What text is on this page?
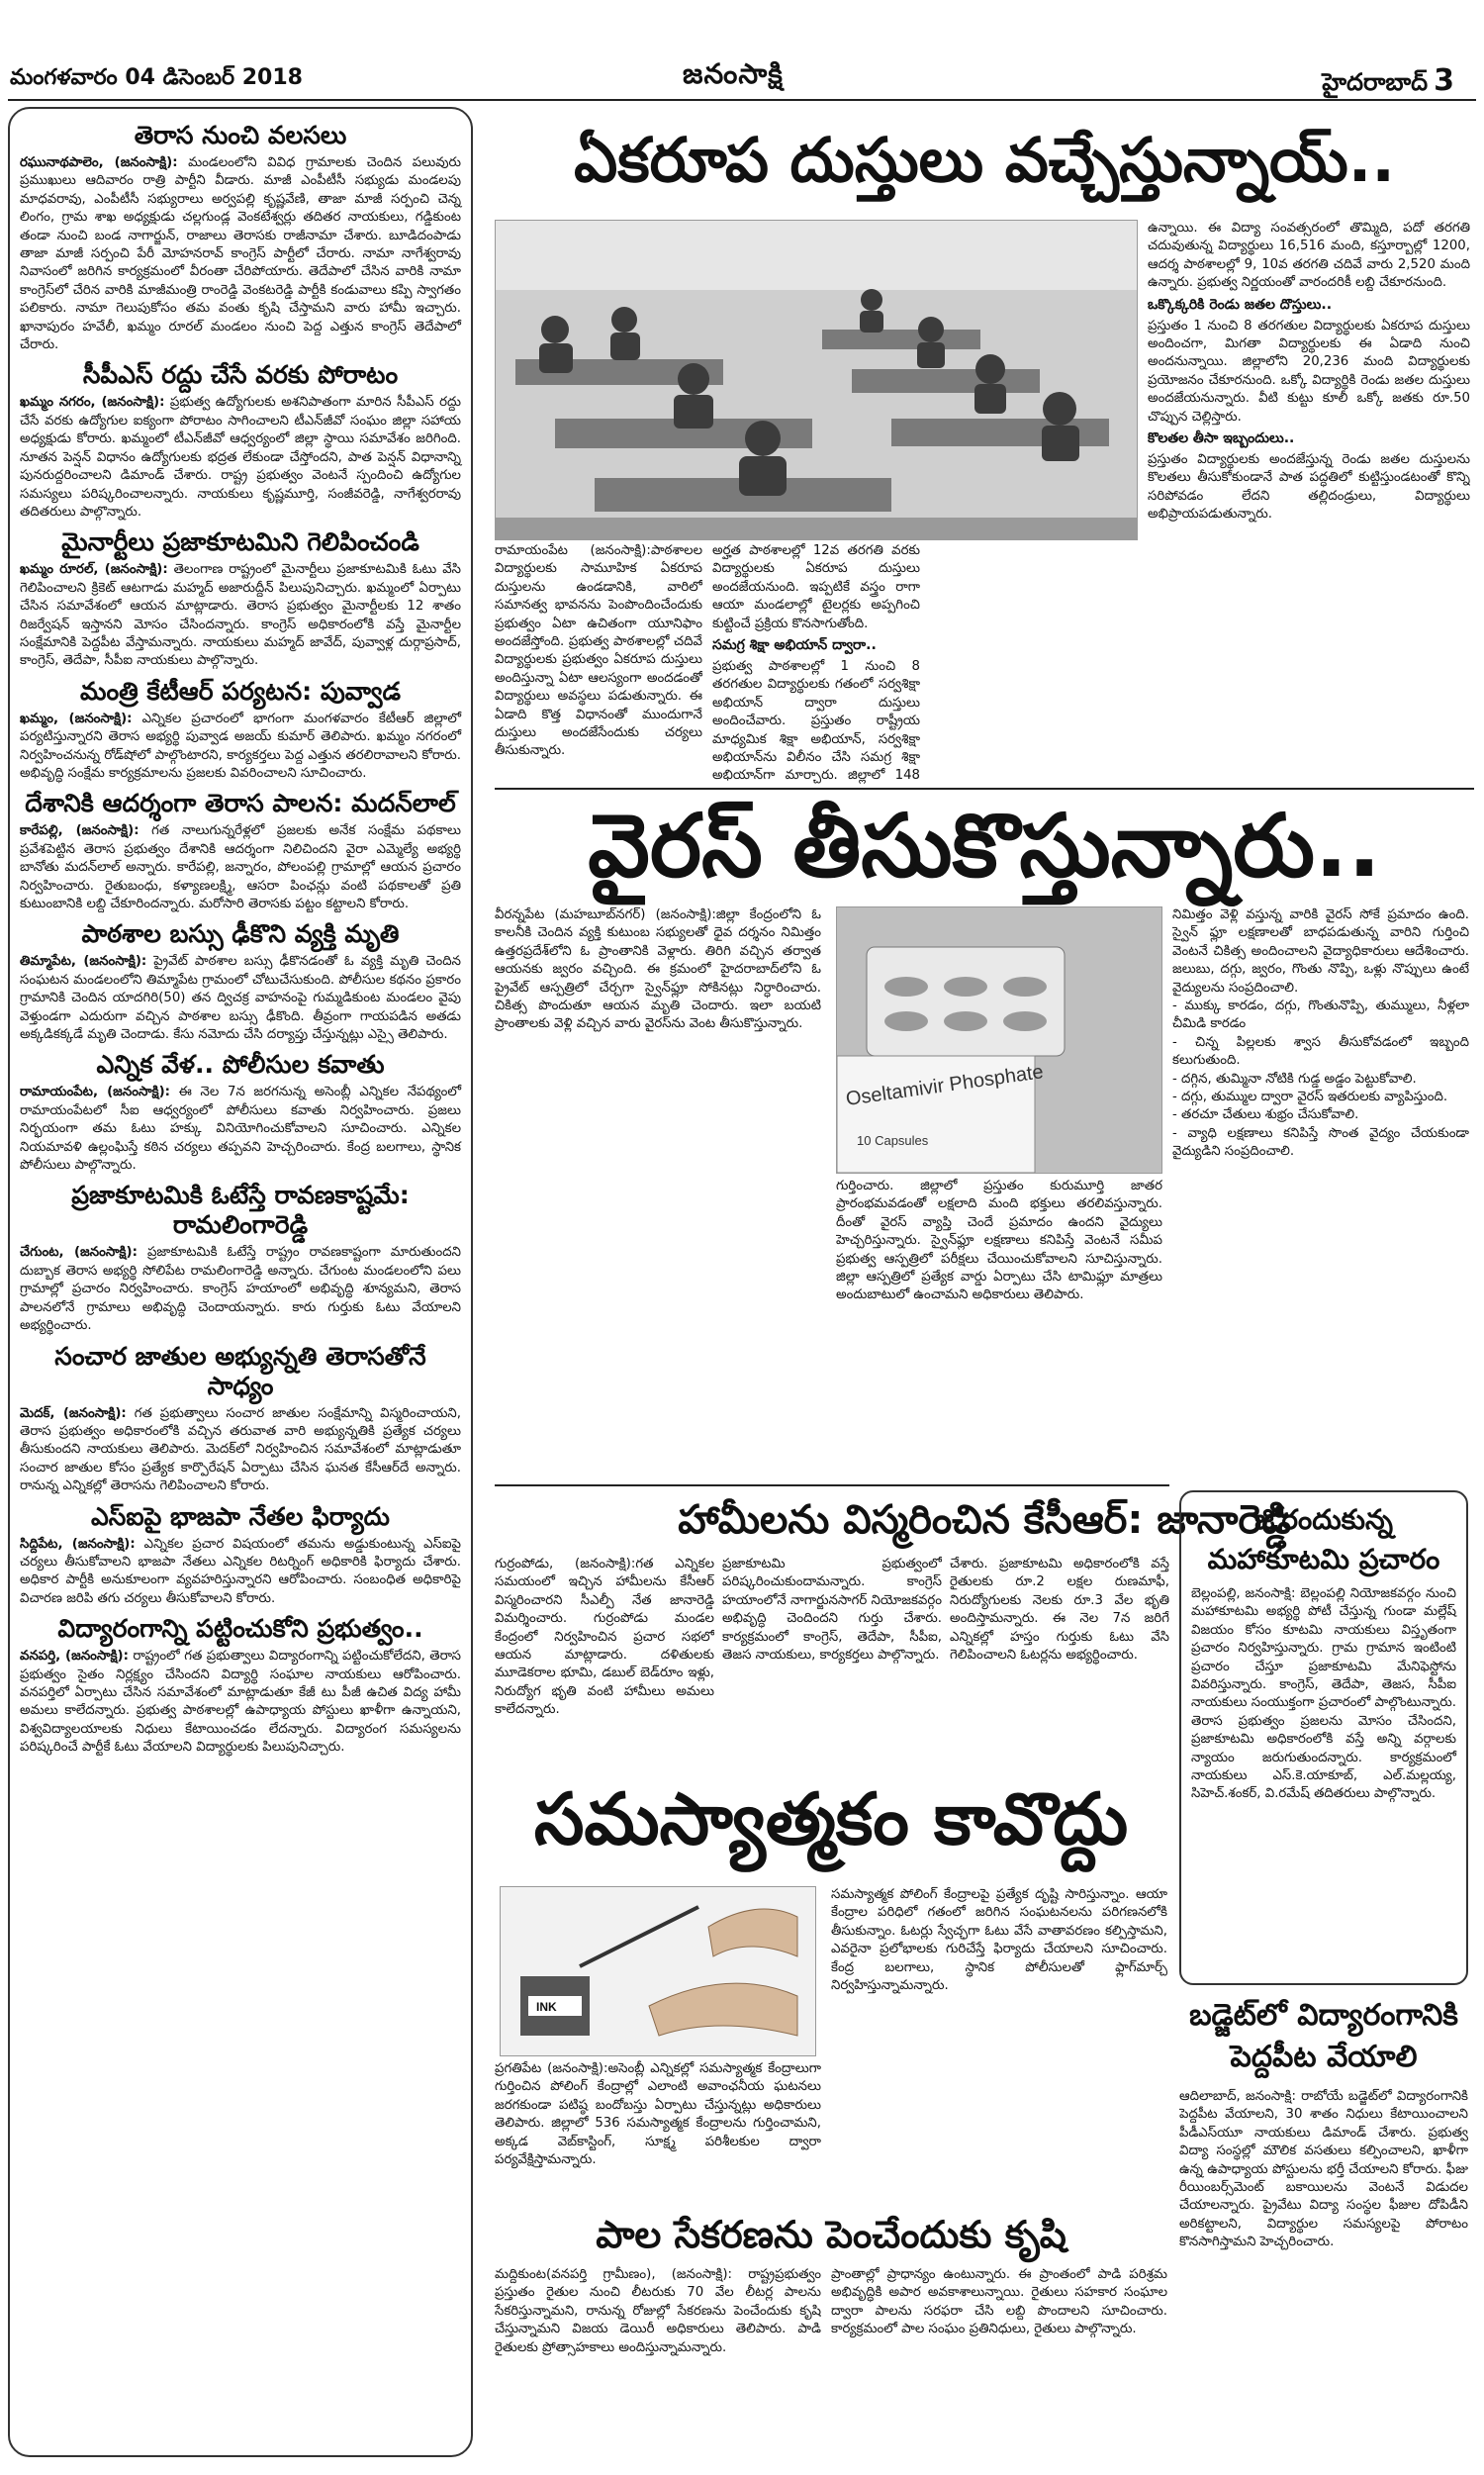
మంగళవారం 04 డిసెంబర్ 2018	జనంసాక్షి	హైదరాబాద్ 3
తెరాస నుంచి వలసలు

రఘునాథపాలెం, (జనంసాక్షి): మండలంలోని వివిధ గ్రామాలకు చెందిన పలువురు ప్రముఖులు ఆదివారం రాత్రి పార్టీని వీడారు. మాజీ ఎంపీటీసీ సభ్యుడు మండలపు మాధవరావు, ఎంపీటీసీ సభ్యురాలు అర్వపల్లి కృష్ణవేణి, తాజా మాజీ సర్పంచి చెన్న లింగం, గ్రామ శాఖ అధ్యక్షుడు చల్లగుండ్ల వెంకటేశ్వర్లు తదితర నాయకులు, గడ్డికుంట తండా నుంచి బండ నాగార్జున్, రాజాలు తెరాసకు రాజీనామా చేశారు. బూడిదంపాడు తాజా మాజీ సర్పంచి పేరీ మోహనరావ్ కాంగ్రెస్ పార్టీలో చేరారు. నామా నాగేశ్వరావు నివాసంలో జరిగిన కార్యక్రమంలో వీరంతా చేరిపోయారు. తెదేపాలో చేసిన వారికి నామా కాంగ్రెస్‌లో చేరిన వారికి మాజీమంత్రి రాంరెడ్డి వెంకటరెడ్డి పార్టీకి కండువాలు కప్పి స్వాగతం పలికారు. నామా గెలుపుకోసం తమ వంతు కృషి చేస్తామని వారు హామీ ఇచ్చారు. ఖానాపురం హవేలీ, ఖమ్మం రూరల్ మండలం నుంచి పెద్ద ఎత్తున కాంగ్రెస్ తెదేపాలో చేరారు.

సీపీఎస్ రద్దు చేసే వరకు పోరాటం

ఖమ్మం నగరం, (జనంసాక్షి): ప్రభుత్వ ఉద్యోగులకు అశనిపాతంగా మారిన సీపీఎస్ రద్దు చేసే వరకు ఉద్యోగుల ఐక్యంగా పోరాటం సాగించాలని టీఎన్‌జీవో సంఘం జిల్లా సహాయ అధ్యక్షుడు కోరారు. ఖమ్మంలో టీఎన్‌జీవో ఆధ్వర్యంలో జిల్లా స్థాయి సమావేశం జరిగింది. నూతన పెన్షన్ విధానం ఉద్యోగులకు భద్రత లేకుండా చేస్తోందని, పాత పెన్షన్ విధానాన్ని పునరుద్దరించాలని డిమాండ్ చేశారు. రాష్ట్ర ప్రభుత్వం వెంటనే స్పందించి ఉద్యోగుల సమస్యలు పరిష్కరించాలన్నారు. నాయకులు కృష్ణమూర్తి, సంజీవరెడ్డి, నాగేశ్వరరావు తదితరులు పాల్గొన్నారు.

మైనార్టీలు ప్రజాకూటమిని గెలిపించండి

ఖమ్మం రూరల్, (జనంసాక్షి): తెలంగాణ రాష్ట్రంలో మైనార్టీలు ప్రజాకూటమికి ఓటు వేసి గెలిపించాలని క్రికెట్ ఆటగాడు మహ్మద్ అజారుద్దీన్ పిలుపునిచ్చారు. ఖమ్మంలో ఏర్పాటు చేసిన సమావేశంలో ఆయన మాట్లాడారు. తెరాస ప్రభుత్వం మైనార్టీలకు 12 శాతం రిజర్వేషన్ ఇస్తానని మోసం చేసిందన్నారు. కాంగ్రెస్ అధికారంలోకి వస్తే మైనార్టీల సంక్షేమానికి పెద్దపీట వేస్తామన్నారు. నాయకులు మహ్మద్ జావేద్, పువ్వాళ్ల దుర్గాప్రసాద్, కాంగ్రెస్, తెదేపా, సీపీఐ నాయకులు పాల్గొన్నారు.

మంత్రి కేటీఆర్ పర్యటన: పువ్వాడ

ఖమ్మం, (జనంసాక్షి): ఎన్నికల ప్రచారంలో భాగంగా మంగళవారం కేటీఆర్ జిల్లాలో పర్యటిస్తున్నారని తెరాస అభ్యర్థి పువ్వాడ అజయ్ కుమార్ తెలిపారు. ఖమ్మం నగరంలో నిర్వహించనున్న రోడ్‌షోలో పాల్గొంటారని, కార్యకర్తలు పెద్ద ఎత్తున తరలిరావాలని కోరారు. అభివృద్ధి సంక్షేమ కార్యక్రమాలను ప్రజలకు వివరించాలని సూచించారు.

దేశానికి ఆదర్శంగా తెరాస పాలన: మదన్‌లాల్

కారేపల్లి, (జనంసాక్షి): గత నాలుగున్నరేళ్లలో ప్రజలకు అనేక సంక్షేమ పథకాలు ప్రవేశపెట్టిన తెరాస ప్రభుత్వం దేశానికి ఆదర్శంగా నిలిచిందని వైరా ఎమ్మెల్యే అభ్యర్థి బానోతు మదన్‌లాల్ అన్నారు. కారేపల్లి, జన్నారం, పోలంపల్లి గ్రామాల్లో ఆయన ప్రచారం నిర్వహించారు. రైతుబంధు, కళ్యాణలక్ష్మి, ఆసరా పింఛన్లు వంటి పథకాలతో ప్రతి కుటుంబానికి లబ్ది చేకూరిందన్నారు. మరోసారి తెరాసకు పట్టం కట్టాలని కోరారు.

పాఠశాల బస్సు ఢీకొని వ్యక్తి మృతి

తిమ్మాపేట, (జనంసాక్షి): ప్రైవేట్ పాఠశాల బస్సు ఢీకొనడంతో ఓ వ్యక్తి మృతి చెందిన సంఘటన మండలంలోని తిమ్మాపేట గ్రామంలో చోటుచేసుకుంది. పోలీసుల కథనం ప్రకారం గ్రామానికి చెందిన యాదగిరి(50) తన ద్విచక్ర వాహనంపై గుమ్మడికుంట మండలం వైపు వెళ్తుండగా ఎదురుగా వచ్చిన పాఠశాల బస్సు ఢీకొంది. తీవ్రంగా గాయపడిన అతడు అక్కడికక్కడే మృతి చెందాడు. కేసు నమోదు చేసి దర్యాప్తు చేస్తున్నట్లు ఎస్సై తెలిపారు.

ఎన్నిక వేళ.. పోలీసుల కవాతు

రామాయంపేట, (జనంసాక్షి): ఈ నెల 7న జరగనున్న అసెంబ్లీ ఎన్నికల నేపథ్యంలో రామాయంపేటలో సీఐ ఆధ్వర్యంలో పోలీసులు కవాతు నిర్వహించారు. ప్రజలు నిర్భయంగా తమ ఓటు హక్కు వినియోగించుకోవాలని సూచించారు. ఎన్నికల నియమావళి ఉల్లంఘిస్తే కఠిన చర్యలు తప్పవని హెచ్చరించారు. కేంద్ర బలగాలు, స్థానిక పోలీసులు పాల్గొన్నారు.

ప్రజాకూటమికి ఓటేస్తే రావణకాష్టమే: రామలింగారెడ్డి

చేగుంట, (జనంసాక్షి): ప్రజాకూటమికి ఓటేస్తే రాష్ట్రం రావణకాష్టంగా మారుతుందని దుబ్బాక తెరాస అభ్యర్థి సోలిపేట రామలింగారెడ్డి అన్నారు. చేగుంట మండలంలోని పలు గ్రామాల్లో ప్రచారం నిర్వహించారు. కాంగ్రెస్ హయాంలో అభివృద్ధి శూన్యమని, తెరాస పాలనలోనే గ్రామాలు అభివృద్ధి చెందాయన్నారు. కారు గుర్తుకు ఓటు వేయాలని అభ్యర్థించారు.

సంచార జాతుల అభ్యున్నతి తెరాసతోనే సాధ్యం

మెదక్, (జనంసాక్షి): గత ప్రభుత్వాలు సంచార జాతుల సంక్షేమాన్ని విస్మరించాయని, తెరాస ప్రభుత్వం అధికారంలోకి వచ్చిన తరువాత వారి అభ్యున్నతికి ప్రత్యేక చర్యలు తీసుకుందని నాయకులు తెలిపారు. మెదక్‌లో నిర్వహించిన సమావేశంలో మాట్లాడుతూ సంచార జాతుల కోసం ప్రత్యేక కార్పొరేషన్ ఏర్పాటు చేసిన ఘనత కేసీఆర్‌దే అన్నారు. రానున్న ఎన్నికల్లో తెరాసను గెలిపించాలని కోరారు.

ఎస్ఐపై భాజపా నేతల ఫిర్యాదు

సిద్దిపేట, (జనంసాక్షి): ఎన్నికల ప్రచార విషయంలో తమను అడ్డుకుంటున్న ఎస్ఐపై చర్యలు తీసుకోవాలని భాజపా నేతలు ఎన్నికల రిటర్నింగ్ అధికారికి ఫిర్యాదు చేశారు. అధికార పార్టీకి అనుకూలంగా వ్యవహరిస్తున్నారని ఆరోపించారు. సంబంధిత అధికారిపై విచారణ జరిపి తగు చర్యలు తీసుకోవాలని కోరారు.

విద్యారంగాన్ని పట్టించుకోని ప్రభుత్వం..

వనపర్తి, (జనంసాక్షి): రాష్ట్రంలో గత ప్రభుత్వాలు విద్యారంగాన్ని పట్టించుకోలేదని, తెరాస ప్రభుత్వం సైతం నిర్లక్ష్యం చేసిందని విద్యార్థి సంఘాల నాయకులు ఆరోపించారు. వనపర్తిలో ఏర్పాటు చేసిన సమావేశంలో మాట్లాడుతూ కేజీ టు పీజీ ఉచిత విద్య హామీ అమలు కాలేదన్నారు. ప్రభుత్వ పాఠశాలల్లో ఉపాధ్యాయ పోస్టులు ఖాళీగా ఉన్నాయని, విశ్వవిద్యాలయాలకు నిధులు కేటాయించడం లేదన్నారు. విద్యారంగ సమస్యలను పరిష్కరించే పార్టీకే ఓటు వేయాలని విద్యార్థులకు పిలుపునిచ్చారు.

ఏకరూప దుస్తులు వచ్చేస్తున్నాయ్..

రామాయంపేట (జనంసాక్షి):పాఠశాలల విద్యార్థులకు సామూహిక ఏకరూప దుస్తులను ఉండడానికి, వారిలో సమానత్వ భావనను పెంపొందించేందుకు ప్రభుత్వం ఏటా ఉచితంగా యూనిఫాం అందజేస్తోంది. ప్రభుత్వ పాఠశాలల్లో చదివే విద్యార్థులకు ప్రభుత్వం ఏకరూప దుస్తులు అందిస్తున్నా ఏటా ఆలస్యంగా అందడంతో విద్యార్థులు అవస్థలు పడుతున్నారు. ఈ ఏడాది కొత్త విధానంతో ముందుగానే దుస్తులు అందజేసేందుకు చర్యలు తీసుకున్నారు.

అర్హత పాఠశాలల్లో 12వ తరగతి వరకు విద్యార్థులకు ఏకరూప దుస్తులు అందజేయనుంది. ఇప్పటికే వస్త్రం రాగా ఆయా మండలాల్లో టైలర్లకు అప్పగించి కుట్టించే ప్రక్రియ కొనసాగుతోంది.

సమగ్ర శిక్షా అభియాన్ ద్వారా..

ప్రభుత్వ పాఠశాలల్లో 1 నుంచి 8 తరగతుల విద్యార్థులకు గతంలో సర్వశిక్షా అభియాన్ ద్వారా దుస్తులు అందించేవారు. ప్రస్తుతం రాష్ట్రీయ మాధ్యమిక శిక్షా అభియాన్, సర్వశిక్షా అభియాన్‌ను విలీనం చేసి సమగ్ర శిక్షా అభియాన్‌గా మార్చారు. జిల్లాలో 148

ఉన్నాయి. ఈ విద్యా సంవత్సరంలో తొమ్మిది, పదో తరగతి చదువుతున్న విద్యార్థులు 16,516 మంది, కస్తూర్బాల్లో 1200, ఆదర్శ పాఠశాలల్లో 9, 10వ తరగతి చదివే వారు 2,520 మంది ఉన్నారు. ప్రభుత్వ నిర్ణయంతో వారందరికీ లబ్ది చేకూరనుంది.

ఒక్కొక్కరికి రెండు జతల దొస్తులు..

ప్రస్తుతం 1 నుంచి 8 తరగతుల విద్యార్థులకు ఏకరూప దుస్తులు అందించగా, మిగతా విద్యార్థులకు ఈ ఏడాది నుంచి అందనున్నాయి. జిల్లాలోని 20,236 మంది విద్యార్థులకు ప్రయోజనం చేకూరనుంది. ఒక్కో విద్యార్థికి రెండు జతల దుస్తులు అందజేయనున్నారు. వీటి కుట్టు కూలీ ఒక్కో జతకు రూ.50 చొప్పున చెల్లిస్తారు.

కొలతల తీసా ఇబ్బందులు..

ప్రస్తుతం విద్యార్థులకు అందజేస్తున్న రెండు జతల దుస్తులను కొలతలు తీసుకోకుండానే పాత పద్ధతిలో కుట్టిస్తుండటంతో కొన్ని సరిపోవడం లేదని తల్లిదండ్రులు, విద్యార్థులు అభిప్రాయపడుతున్నారు.

వైరస్ తీసుకొస్తున్నారు..

వీరన్నపేట (మహబూబ్‌నగర్) (జనంసాక్షి):జిల్లా కేంద్రంలోని ఓ కాలనీకి చెందిన వ్యక్తి కుటుంబ సభ్యులతో ధైవ దర్శనం నిమిత్తం ఉత్తరప్రదేశ్‌లోని ఓ ప్రాంతానికి వెళ్లారు. తిరిగి వచ్చిన తర్వాత ఆయనకు జ్వరం వచ్చింది. ఈ క్రమంలో హైదరాబాద్‌లోని ఓ ప్రైవేట్ ఆస్పత్రిలో చేర్చగా స్వైన్‌ఫ్లూ సోకినట్లు నిర్ధారించారు. చికిత్స పొందుతూ ఆయన మృతి చెందారు. ఇలా బయటి ప్రాంతాలకు వెళ్లి వచ్చిన వారు వైరస్‌ను వెంట తీసుకొస్తున్నారు.

Oseltamivir Phosphate
10 Capsules

గుర్తించారు. జిల్లాలో ప్రస్తుతం కురుమూర్తి జాతర ప్రారంభమవడంతో లక్షలాది మంది భక్తులు తరలివస్తున్నారు. దీంతో వైరస్ వ్యాప్తి చెందే ప్రమాదం ఉందని వైద్యులు హెచ్చరిస్తున్నారు. స్వైన్‌ఫ్లూ లక్షణాలు కనిపిస్తే వెంటనే సమీప ప్రభుత్వ ఆస్పత్రిలో పరీక్షలు చేయించుకోవాలని సూచిస్తున్నారు. జిల్లా ఆస్పత్రిలో ప్రత్యేక వార్డు ఏర్పాటు చేసి టామిఫ్లూ మాత్రలు అందుబాటులో ఉంచామని అధికారులు తెలిపారు.

నిమిత్తం వెళ్లి వస్తున్న వారికి వైరస్ సోకే ప్రమాదం ఉంది. స్వైన్ ఫ్లూ లక్షణాలతో బాధపడుతున్న వారిని గుర్తించి వెంటనే చికిత్స అందించాలని వైద్యాధికారులు ఆదేశించారు. జలుబు, దగ్గు, జ్వరం, గొంతు నొప్పి, ఒళ్లు నొప్పులు ఉంటే వైద్యులను సంప్రదించాలి.

- ముక్కు కారడం, దగ్గు, గొంతునొప్పి, తుమ్ములు, నీళ్లలా చీమిడి కారడం

- చిన్న పిల్లలకు శ్వాస తీసుకోవడంలో ఇబ్బంది కలుగుతుంది.

- దగ్గిన, తుమ్మినా నోటికి గుడ్డ అడ్డం పెట్టుకోవాలి.

- దగ్గు, తుమ్ముల ద్వారా వైరస్ ఇతరులకు వ్యాపిస్తుంది.

- తరచూ చేతులు శుభ్రం చేసుకోవాలి.

- వ్యాధి లక్షణాలు కనిపిస్తే సొంత వైద్యం చేయకుండా వైద్యుడిని సంప్రదించాలి.

హామీలను విస్మరించిన కేసీఆర్: జానారెడ్డి

గుర్రంపోడు, (జనంసాక్షి):గత ఎన్నికల సమయంలో ఇచ్చిన హామీలను కేసీఆర్ విస్మరించారని సీఎల్పీ నేత జానారెడ్డి విమర్శించారు. గుర్రంపోడు మండల కేంద్రంలో నిర్వహించిన ప్రచార సభలో ఆయన మాట్లాడారు. దళితులకు మూడెకరాల భూమి, డబుల్ బెడ్‌రూం ఇళ్లు, నిరుద్యోగ భృతి వంటి హామీలు అమలు కాలేదన్నారు.

ప్రజాకూటమి ప్రభుత్వంలో పరిష్కరించుకుందామన్నారు. కాంగ్రెస్ హయాంలోనే నాగార్జునసాగర్ నియోజకవర్గం అభివృద్ధి చెందిందని గుర్తు చేశారు. కార్యక్రమంలో కాంగ్రెస్, తెదేపా, సీపీఐ, తెజస నాయకులు, కార్యకర్తలు పాల్గొన్నారు.

చేశారు. ప్రజాకూటమి అధికారంలోకి వస్తే రైతులకు రూ.2 లక్షల రుణమాఫీ, నిరుద్యోగులకు నెలకు రూ.3 వేల భృతి అందిస్తామన్నారు. ఈ నెల 7న జరిగే ఎన్నికల్లో హస్తం గుర్తుకు ఓటు వేసి గెలిపించాలని ఓటర్లను అభ్యర్థించారు.

జోరందుకున్న మహాకూటమి ప్రచారం

బెల్లంపల్లి, జనంసాక్షి: బెల్లంపల్లి నియోజకవర్గం నుంచి మహాకూటమి అభ్యర్థి పోటీ చేస్తున్న గుండా మల్లేష్ విజయం కోసం కూటమి నాయకులు విస్తృతంగా ప్రచారం నిర్వహిస్తున్నారు. గ్రామ గ్రామాన ఇంటింటి ప్రచారం చేస్తూ ప్రజాకూటమి మేనిఫెస్టోను వివరిస్తున్నారు. కాంగ్రెస్, తెదేపా, తెజస, సీపీఐ నాయకులు సంయుక్తంగా ప్రచారంలో పాల్గొంటున్నారు. తెరాస ప్రభుత్వం ప్రజలను మోసం చేసిందని, ప్రజాకూటమి అధికారంలోకి వస్తే అన్ని వర్గాలకు న్యాయం జరుగుతుందన్నారు. కార్యక్రమంలో నాయకులు ఎస్.కె.యాకూబ్, ఎల్.మల్లయ్య, సిహెచ్.శంకర్, వి.రమేష్ తదితరులు పాల్గొన్నారు.

సమస్యాత్మకం కావొద్దు
INK

ప్రగతిపేట (జనంసాక్షి):అసెంబ్లీ ఎన్నికల్లో సమస్యాత్మక కేంద్రాలుగా గుర్తించిన పోలింగ్ కేంద్రాల్లో ఎలాంటి అవాంఛనీయ ఘటనలు జరగకుండా పటిష్ఠ బందోబస్తు ఏర్పాటు చేస్తున్నట్లు అధికారులు తెలిపారు. జిల్లాలో 536 సమస్యాత్మక కేంద్రాలను గుర్తించామని, అక్కడ వెబ్‌కాస్టింగ్, సూక్ష్మ పరిశీలకుల ద్వారా పర్యవేక్షిస్తామన్నారు.

సమస్యాత్మక పోలింగ్ కేంద్రాలపై ప్రత్యేక దృష్టి సారిస్తున్నాం. ఆయా కేంద్రాల పరిధిలో గతంలో జరిగిన సంఘటనలను పరిగణనలోకి తీసుకున్నాం. ఓటర్లు స్వేచ్ఛగా ఓటు వేసే వాతావరణం కల్పిస్తామని, ఎవరైనా ప్రలోభాలకు గురిచేస్తే ఫిర్యాదు చేయాలని సూచించారు. కేంద్ర బలగాలు, స్థానిక పోలీసులతో ఫ్లాగ్‌మార్చ్ నిర్వహిస్తున్నామన్నారు.

పాల సేకరణను పెంచేందుకు కృషి

మద్దికుంట(వనపర్తి గ్రామీణం), (జనంసాక్షి): రాష్ట్రప్రభుత్వం ప్రస్తుతం రైతుల నుంచి లీటరుకు 70 వేల లీటర్ల పాలను సేకరిస్తున్నామని, రానున్న రోజుల్లో సేకరణను పెంచేందుకు కృషి చేస్తున్నామని విజయ డెయిరీ అధికారులు తెలిపారు. పాడి రైతులకు ప్రోత్సాహకాలు అందిస్తున్నామన్నారు.

ప్రాంతాల్లో ప్రాధాన్యం ఉంటున్నారు. ఈ ప్రాంతంలో పాడి పరిశ్రమ అభివృద్ధికి అపార అవకాశాలున్నాయి. రైతులు సహకార సంఘాల ద్వారా పాలను సరఫరా చేసి లబ్ది పొందాలని సూచించారు. కార్యక్రమంలో పాల సంఘం ప్రతినిధులు, రైతులు పాల్గొన్నారు.

బడ్జెట్‌లో విద్యారంగానికి పెద్దపీట వేయాలి

ఆదిలాబాద్, జనంసాక్షి: రాబోయే బడ్జెట్‌లో విద్యారంగానికి పెద్దపీట వేయాలని, 30 శాతం నిధులు కేటాయించాలని పీడీఎస్‌యూ నాయకులు డిమాండ్ చేశారు. ప్రభుత్వ విద్యా సంస్థల్లో మౌలిక వసతులు కల్పించాలని, ఖాళీగా ఉన్న ఉపాధ్యాయ పోస్టులను భర్తీ చేయాలని కోరారు. ఫీజు రీయింబర్స్‌మెంట్ బకాయిలను వెంటనే విడుదల చేయాలన్నారు. ప్రైవేటు విద్యా సంస్థల ఫీజుల దోపిడీని అరికట్టాలని, విద్యార్థుల సమస్యలపై పోరాటం కొనసాగిస్తామని హెచ్చరించారు.
